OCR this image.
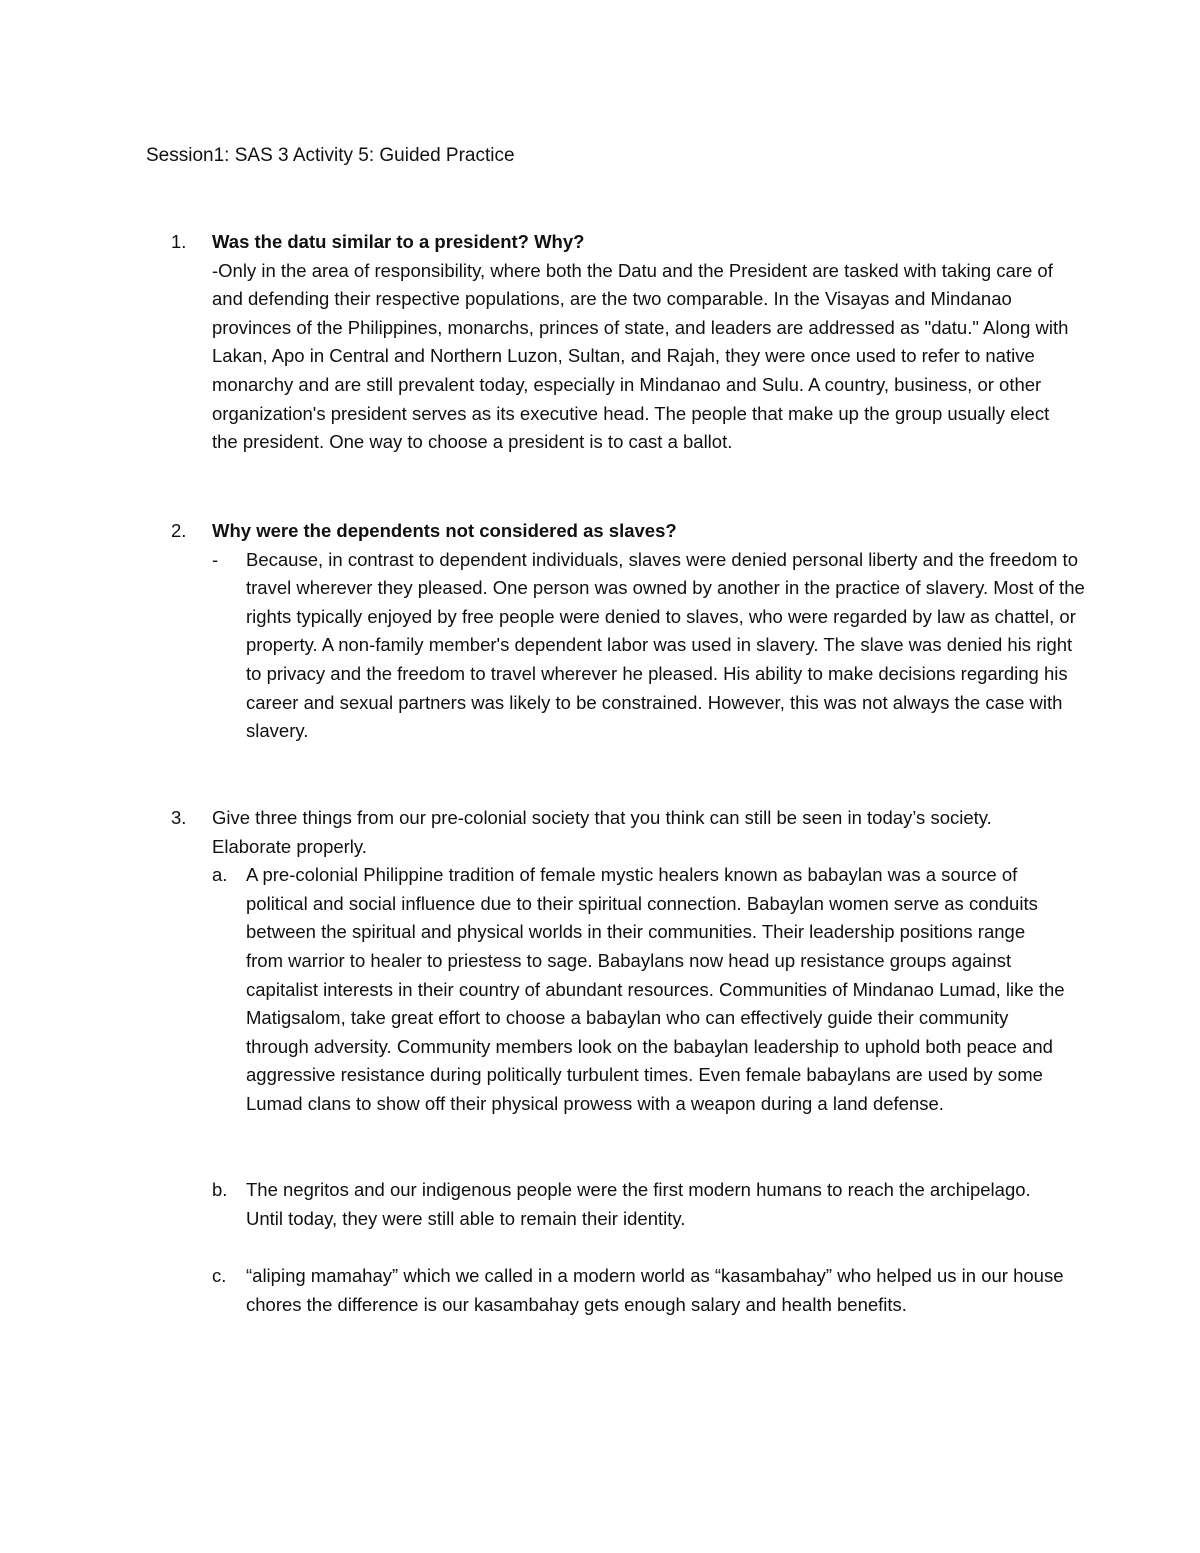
Session1: SAS 3 Activity 5: Guided Practice
1. Was the datu similar to a president? Why?
-Only in the area of responsibility, where both the Datu and the President are tasked with taking care of and defending their respective populations, are the two comparable. In the Visayas and Mindanao provinces of the Philippines, monarchs, princes of state, and leaders are addressed as "datu." Along with Lakan, Apo in Central and Northern Luzon, Sultan, and Rajah, they were once used to refer to native monarchy and are still prevalent today, especially in Mindanao and Sulu. A country, business, or other organization's president serves as its executive head. The people that make up the group usually elect the president. One way to choose a president is to cast a ballot.
2. Why were the dependents not considered as slaves?
- Because, in contrast to dependent individuals, slaves were denied personal liberty and the freedom to travel wherever they pleased. One person was owned by another in the practice of slavery. Most of the rights typically enjoyed by free people were denied to slaves, who were regarded by law as chattel, or property. A non-family member's dependent labor was used in slavery. The slave was denied his right to privacy and the freedom to travel wherever he pleased. His ability to make decisions regarding his career and sexual partners was likely to be constrained. However, this was not always the case with slavery.
3. Give three things from our pre-colonial society that you think can still be seen in today’s society. Elaborate properly.
a. A pre-colonial Philippine tradition of female mystic healers known as babaylan was a source of political and social influence due to their spiritual connection. Babaylan women serve as conduits between the spiritual and physical worlds in their communities. Their leadership positions range from warrior to healer to priestess to sage. Babaylans now head up resistance groups against capitalist interests in their country of abundant resources. Communities of Mindanao Lumad, like the Matigsalom, take great effort to choose a babaylan who can effectively guide their community through adversity. Community members look on the babaylan leadership to uphold both peace and aggressive resistance during politically turbulent times. Even female babaylans are used by some Lumad clans to show off their physical prowess with a weapon during a land defense.
b. The negritos and our indigenous people were the first modern humans to reach the archipelago. Until today, they were still able to remain their identity.
c. “aliping mamahay” which we called in a modern world as “kasambahay” who helped us in our house chores the difference is our kasambahay gets enough salary and health benefits.
